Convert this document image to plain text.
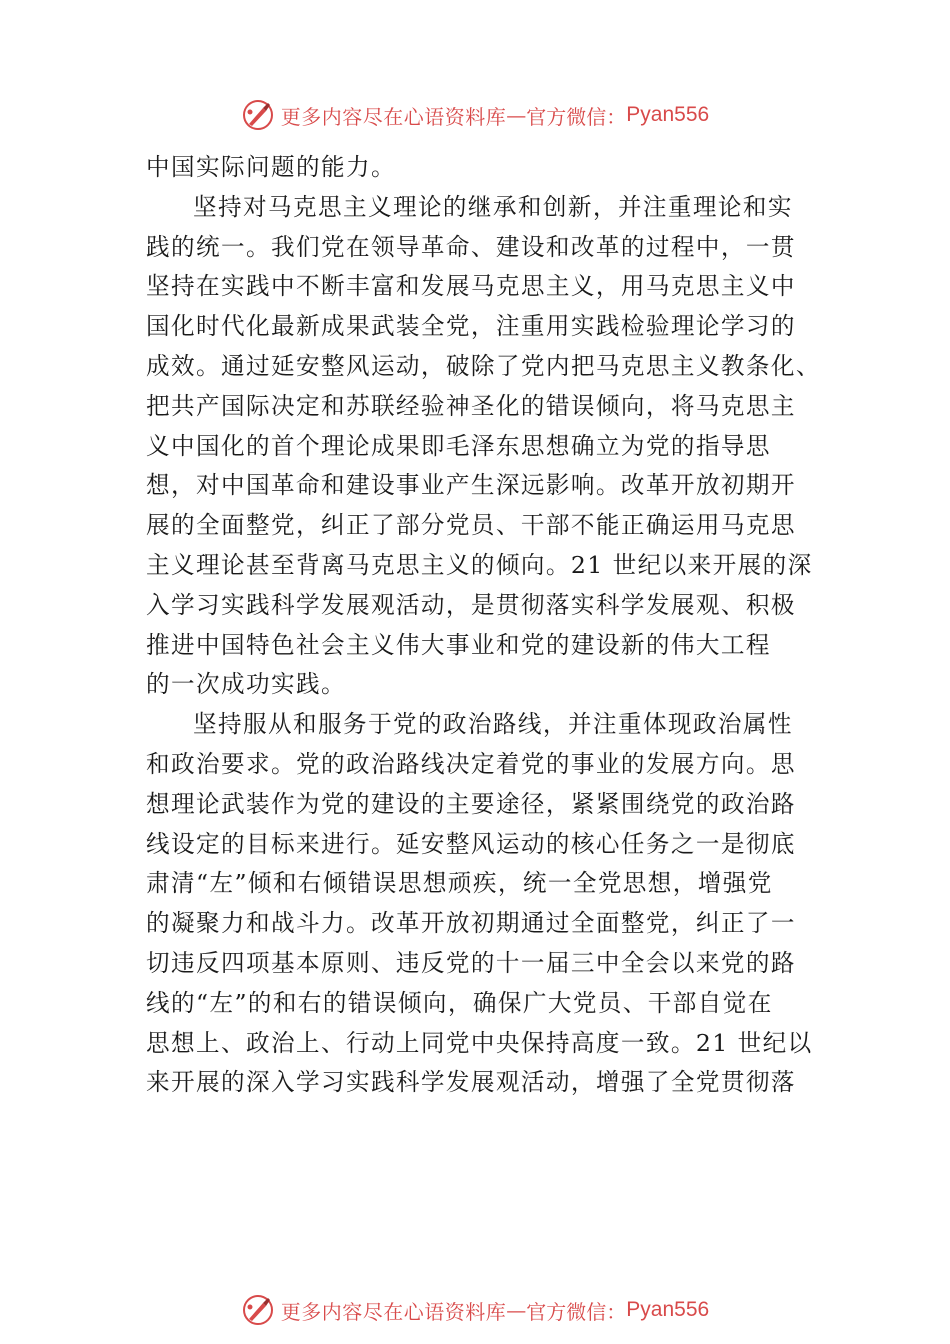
更多内容尽在心语资料库 — 官方微信： Pyan556

中国实际问题的能力。

坚持对马克思主义理论的继承和创新，并注重理论和实
践的统一。我们党在领导革命、建设和改革的过程中，一贯
坚持在实践中不断丰富和发展马克思主义，用马克思主义中
国化时代化最新成果武装全党，注重用实践检验理论学习的
成效。通过延安整风运动，破除了党内把马克思主义教条化、
把共产国际决定和苏联经验神圣化的错误倾向，将马克思主
义中国化的首个理论成果即毛泽东思想确立为党的指导思
想，对中国革命和建设事业产生深远影响。改革开放初期开
展的全面整党，纠正了部分党员、干部不能正确运用马克思
主义理论甚至背离马克思主义的倾向。21 世纪以来开展的深
入学习实践科学发展观活动，是贯彻落实科学发展观、积极
推进中国特色社会主义伟大事业和党的建设新的伟大工程
的一次成功实践。

坚持服从和服务于党的政治路线，并注重体现政治属性
和政治要求。党的政治路线决定着党的事业的发展方向。思
想理论武装作为党的建设的主要途径，紧紧围绕党的政治路
线设定的目标来进行。延安整风运动的核心任务之一是彻底
肃清“左”倾和右倾错误思想顽疾，统一全党思想，增强党
的凝聚力和战斗力。改革开放初期通过全面整党，纠正了一
切违反四项基本原则、违反党的十一届三中全会以来党的路
线的“左”的和右的错误倾向，确保广大党员、干部自觉在
思想上、政治上、行动上同党中央保持高度一致。21 世纪以
来开展的深入学习实践科学发展观活动，增强了全党贯彻落

更多内容尽在心语资料库 — 官方微信： Pyan556
